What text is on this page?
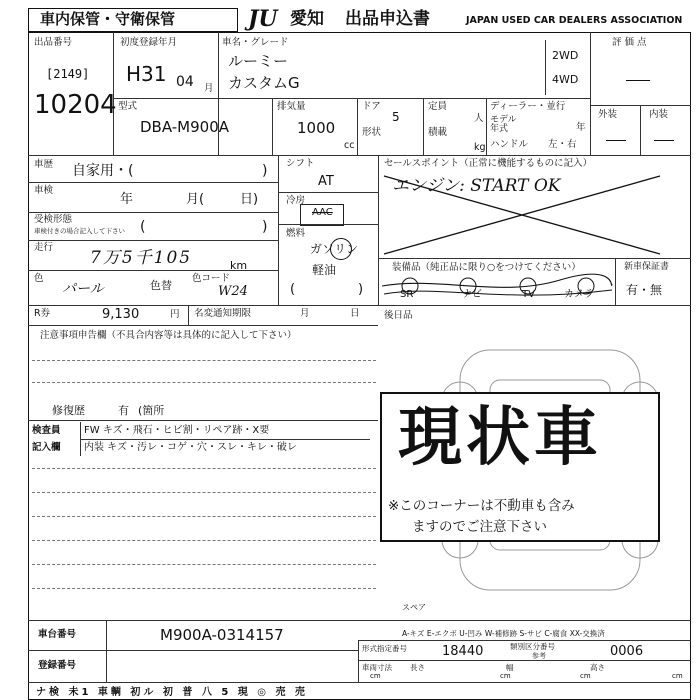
車内保管・守衛保管	JU 愛知 出品申込書	JAPAN USED CAR DEALERS ASSOCIATION
出品番号
[2149]
10204
初度登録年月
H31 04 月
車名・グレード
ルーミー
カスタムG
2WD
4WD
型式
DBA-M900A
排気量
1000
cc
ドア
5
定員
人
形状	積載
kg
ディーラー・並行
モデル
年式	年
ハンドル 左・右
評価点
外装	内装
車歴 自家用・(	)
車検
年	月(	日)
受検形態
車検付きの場合記入して下さい (	)
走行
7万5千105	km
色
パール	色替
色コード
W24
シフト
AT
冷房
AAC
燃料
ガソリン
軽油
(	)
セールスポイント（正常に機能するものに記入）
エンジン: START OK
装備品（純正品に限り○をつけてください）
SR	ナビ	TV	カメラ
新車保証書
有・無
後日品
R券	9,130	円 名変通知期限	月	日
注意事項申告欄（不具合内容等は具体的に記入して下さい）
修復歴	有 (箇所
検査員
記入欄
FW キズ・飛石・ヒビ割・リペア跡・X要
内装 キズ・汚レ・コゲ・穴・スレ・キレ・破レ
スペア
A-キズ E-エクボ U-凹み W-補修跡 S-サビ C-腐食 XX-交換済
現状車
※このコーナーは不動車も含み
ますのでご注意下さい
車台番号	M900A-0314157
登録番号
形式指定番号	18440	類別区分番号
参考	0006
車両寸法 長さ	幅	高さ
cm	cm	cm	cm
ナ検 未1 車輌 初ル 初 普 八 5 現 ◎ 売 売
